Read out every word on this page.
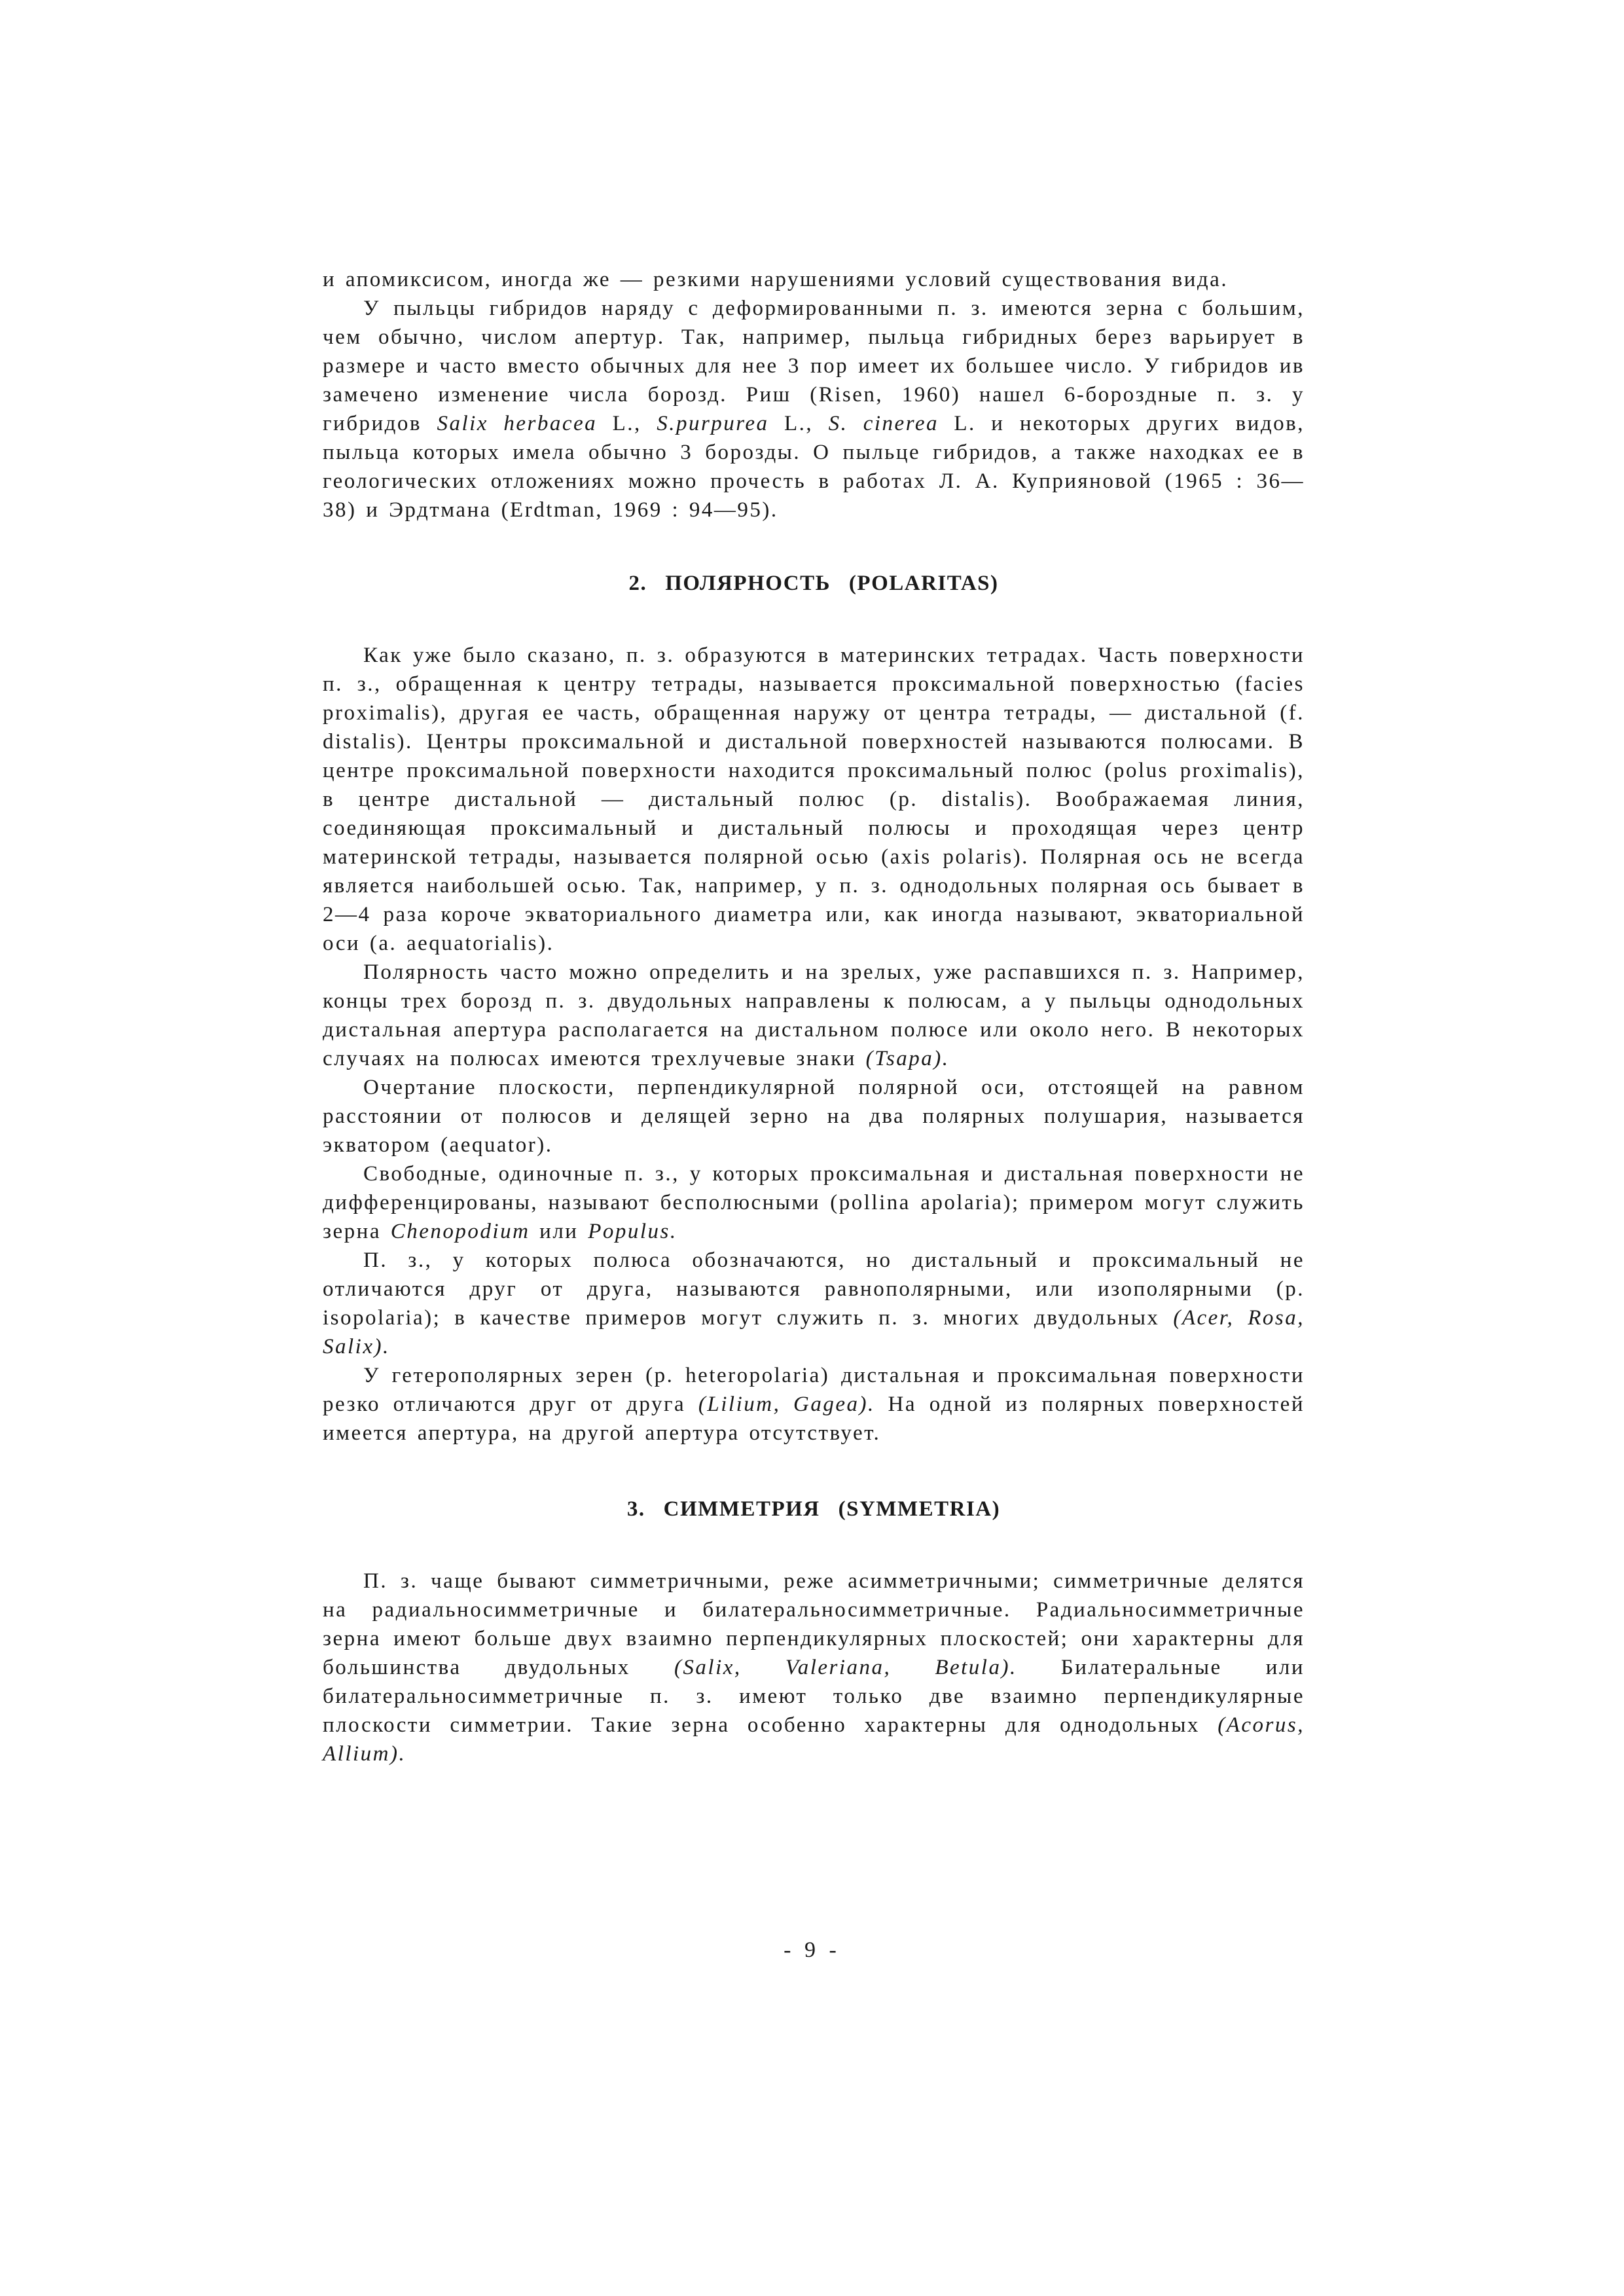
и апомиксисом, иногда же — резкими нарушениями условий существования вида.

У пыльцы гибридов наряду с деформированными п. з. имеются зерна с большим, чем обычно, числом апертур. Так, например, пыльца гибридных берез варьирует в размере и часто вместо обычных для нее 3 пор имеет их большее число. У гибридов ив замечено изменение числа борозд. Риш (Risen, 1960) нашел 6-бороздные п. з. у гибридов Salix herbacea L., S.purpurea L., S. cinerea L. и некоторых других видов, пыльца которых имела обычно 3 борозды. О пыльце гибридов, а также находках ее в геологических отложениях можно прочесть в работах Л. А. Куприяновой (1965 : 36—38) и Эрдтмана (Erdtman, 1969 : 94—95).

2. ПОЛЯРНОСТЬ (POLARITAS)

Как уже было сказано, п. з. образуются в материнских тетрадах. Часть поверхности п. з., обращенная к центру тетрады, называется проксимальной поверхностью (facies proximalis), другая ее часть, обращенная наружу от центра тетрады, — дистальной (f. distalis). Центры проксимальной и дистальной поверхностей называются полюсами. В центре проксимальной поверхности находится проксимальный полюс (polus proximalis), в центре дистальной — дистальный полюс (р. distalis). Воображаемая линия, соединяющая проксимальный и дистальный полюсы и проходящая через центр материнской тетрады, называется полярной осью (axis polaris). Полярная ось не всегда является наибольшей осью. Так, например, у п. з. однодольных полярная ось бывает в 2—4 раза короче экваториального диаметра или, как иногда называют, экваториальной оси (a. aequatorialis).

Полярность часто можно определить и на зрелых, уже распавшихся п. з. Например, концы трех борозд п. з. двудольных направлены к полюсам, а у пыльцы однодольных дистальная апертура располагается на дистальном полюсе или около него. В некоторых случаях на полюсах имеются трехлучевые знаки (Tsapa).

Очертание плоскости, перпендикулярной полярной оси, отстоящей на равном расстоянии от полюсов и делящей зерно на два полярных полушария, называется экватором (aequator).

Свободные, одиночные п. з., у которых проксимальная и дистальная поверхности не дифференцированы, называют бесполюсными (pollina apolaria); примером могут служить зерна Chenopodium или Populus.

П. з., у которых полюса обозначаются, но дистальный и проксимальный не отличаются друг от друга, называются равнополярными, или изополярными (р. isopolaria); в качестве примеров могут служить п. з. многих двудольных (Acer, Rosa, Salix).

У гетерополярных зерен (р. heteropolaria) дистальная и проксимальная поверхности резко отличаются друг от друга (Lilium, Gagea). На одной из полярных поверхностей имеется апертура, на другой апертура отсутствует.

3. СИММЕТРИЯ (SYMMETRIA)

П. з. чаще бывают симметричными, реже асимметричными; симметричные делятся на радиальносимметричные и билатеральносимметричные. Радиальносимметричные зерна имеют больше двух взаимно перпендикулярных плоскостей; они характерны для большинства двудольных (Salix, Valeriana, Betula). Билатеральные или билатеральносимметричные п. з. имеют только две взаимно перпендикулярные плоскости симметрии. Такие зерна особенно характерны для однодольных (Acorus, Allium).

- 9 -
